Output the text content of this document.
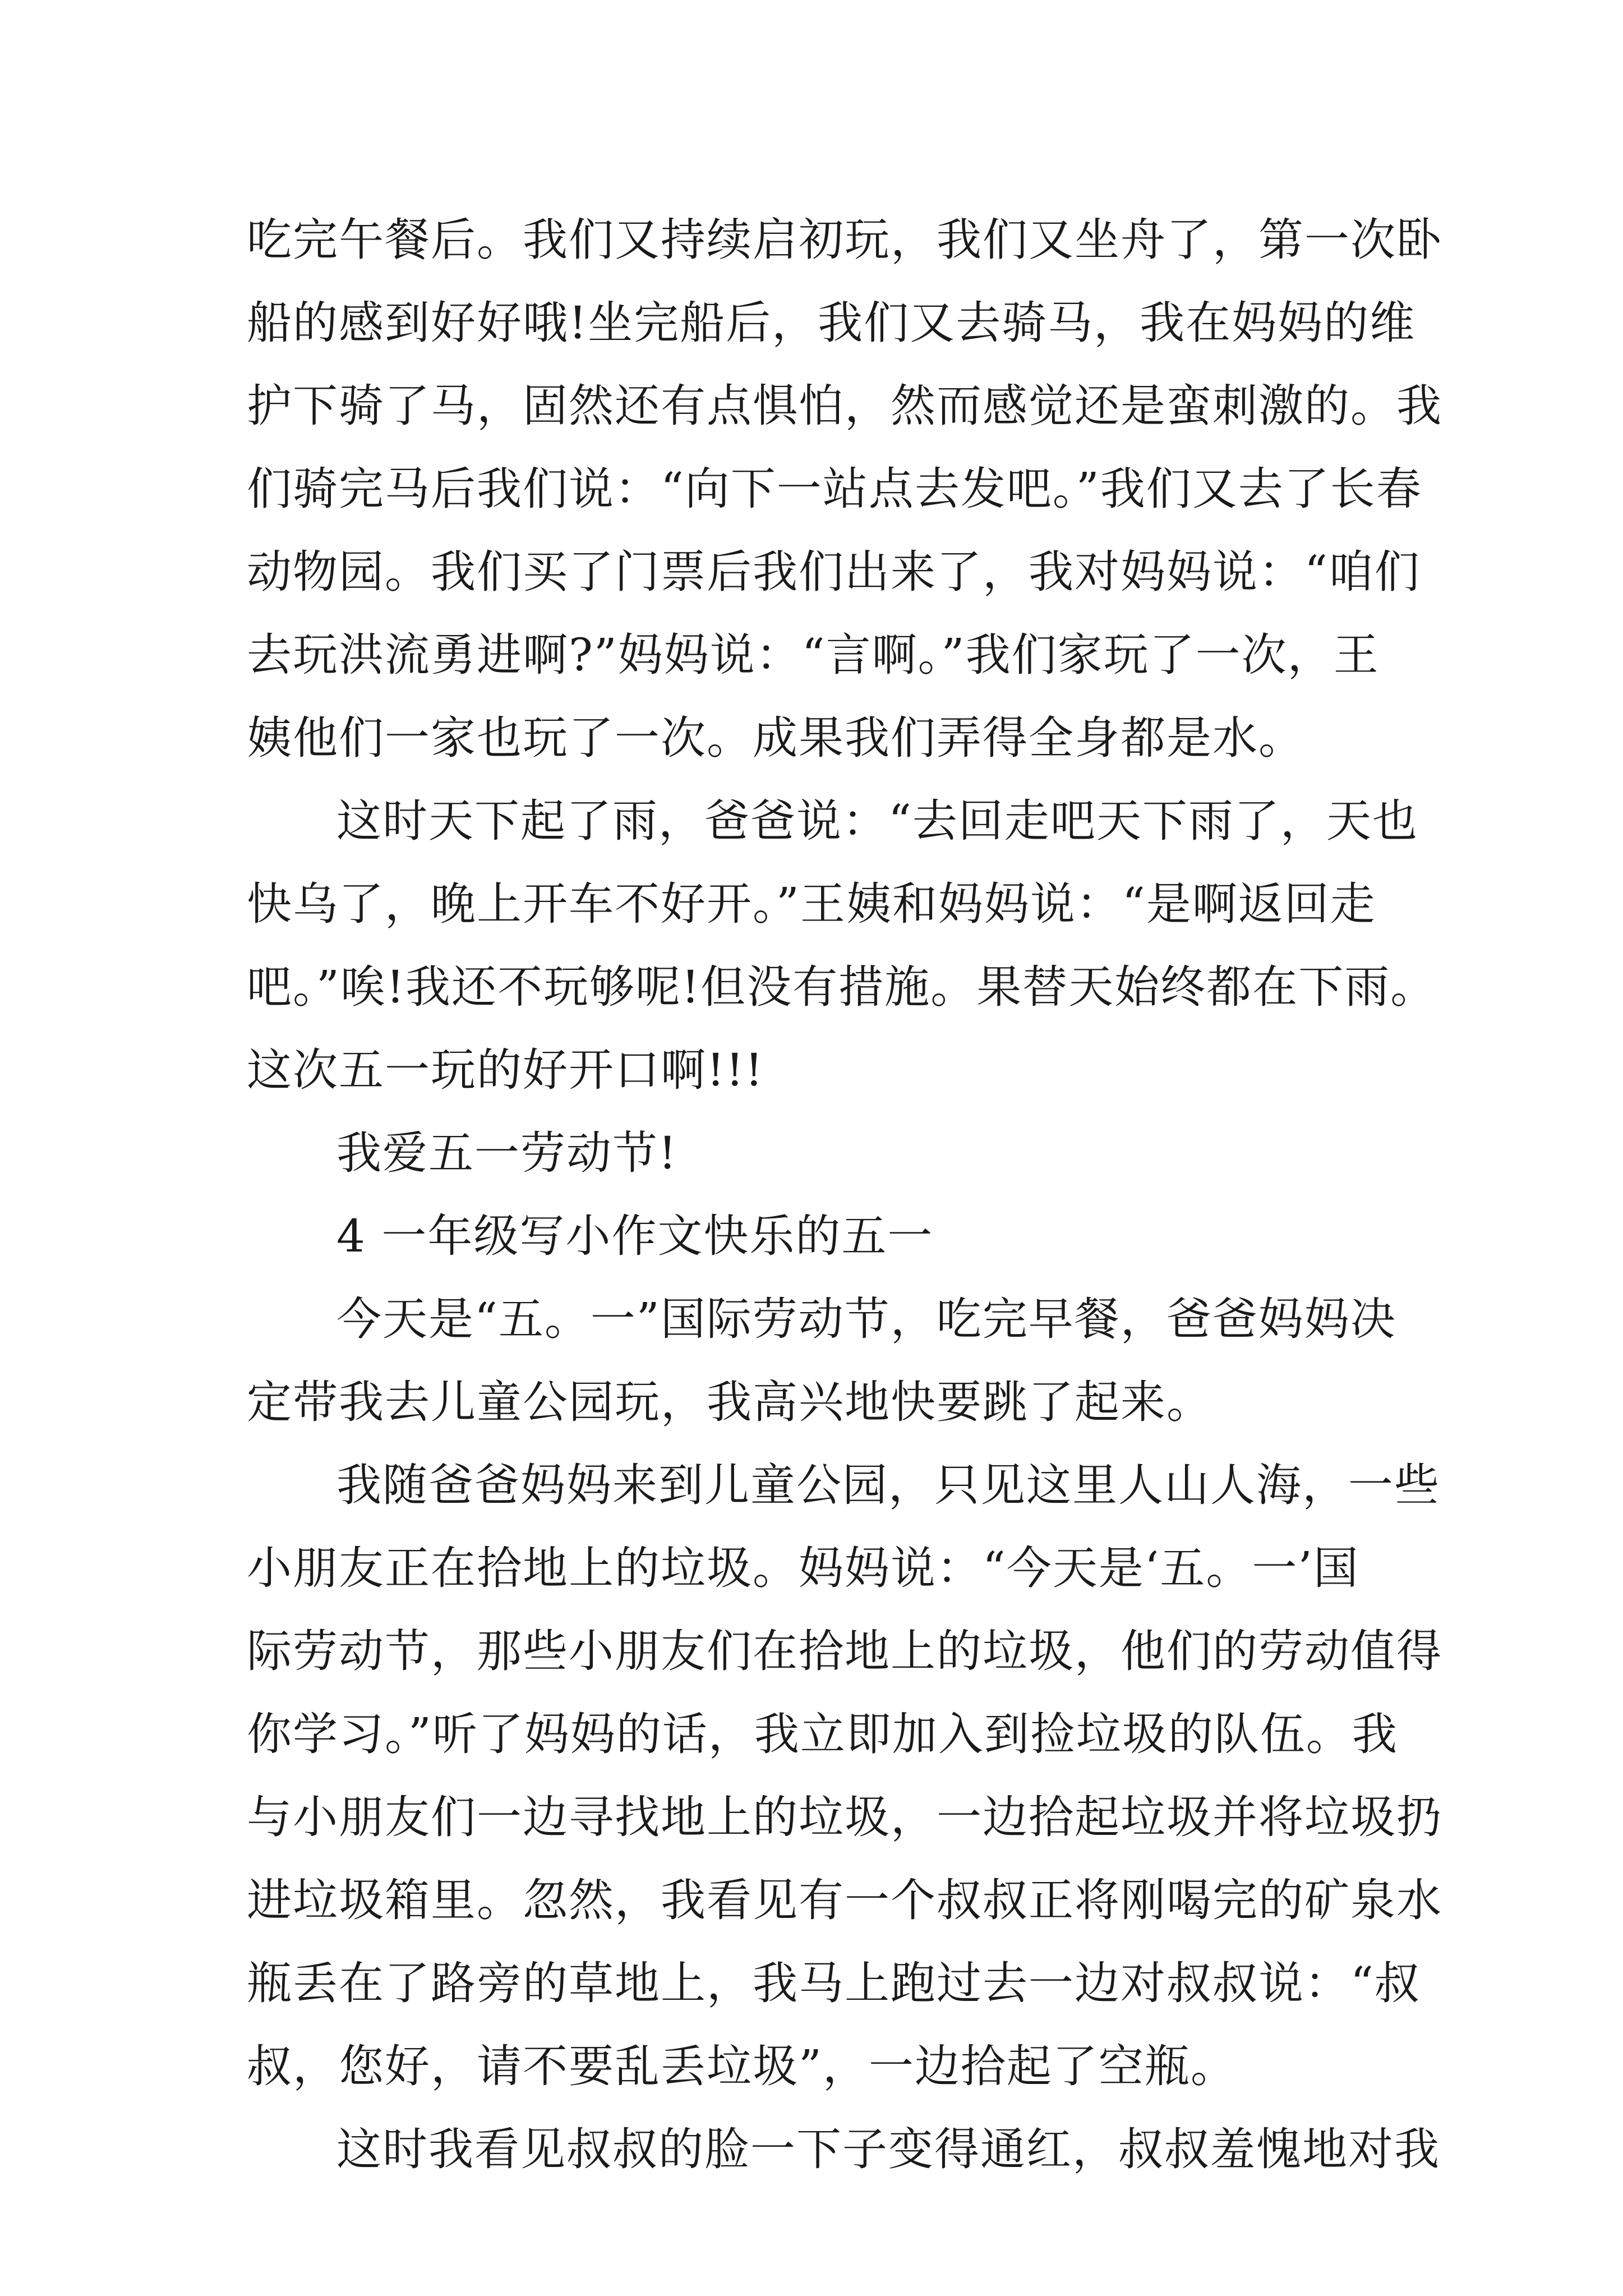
吃完午餐后。我们又持续启初玩，我们又坐舟了，第一次卧
船的感到好好哦!坐完船后，我们又去骑马，我在妈妈的维
护下骑了马，固然还有点惧怕，然而感觉还是蛮刺激的。我
们骑完马后我们说：“向下一站点去发吧。”我们又去了长春
动物园。我们买了门票后我们出来了，我对妈妈说：“咱们
去玩洪流勇进啊?”妈妈说：“言啊。”我们家玩了一次，王
姨他们一家也玩了一次。成果我们弄得全身都是水。
这时天下起了雨，爸爸说：“去回走吧天下雨了，天也
快乌了，晚上开车不好开。”王姨和妈妈说：“是啊返回走
吧。”唉!我还不玩够呢!但没有措施。果替天始终都在下雨。
这次五一玩的好开口啊!!!
我爱五一劳动节!
4 一年级写小作文快乐的五一
今天是“五。一”国际劳动节，吃完早餐，爸爸妈妈决
定带我去儿童公园玩，我高兴地快要跳了起来。
我随爸爸妈妈来到儿童公园，只见这里人山人海，一些
小朋友正在拾地上的垃圾。妈妈说：“今天是‘五。一’国
际劳动节，那些小朋友们在拾地上的垃圾，他们的劳动值得
你学习。”听了妈妈的话，我立即加入到捡垃圾的队伍。我
与小朋友们一边寻找地上的垃圾，一边拾起垃圾并将垃圾扔
进垃圾箱里。忽然，我看见有一个叔叔正将刚喝完的矿泉水
瓶丢在了路旁的草地上，我马上跑过去一边对叔叔说：“叔
叔，您好，请不要乱丢垃圾”，一边拾起了空瓶。
这时我看见叔叔的脸一下子变得通红，叔叔羞愧地对我
